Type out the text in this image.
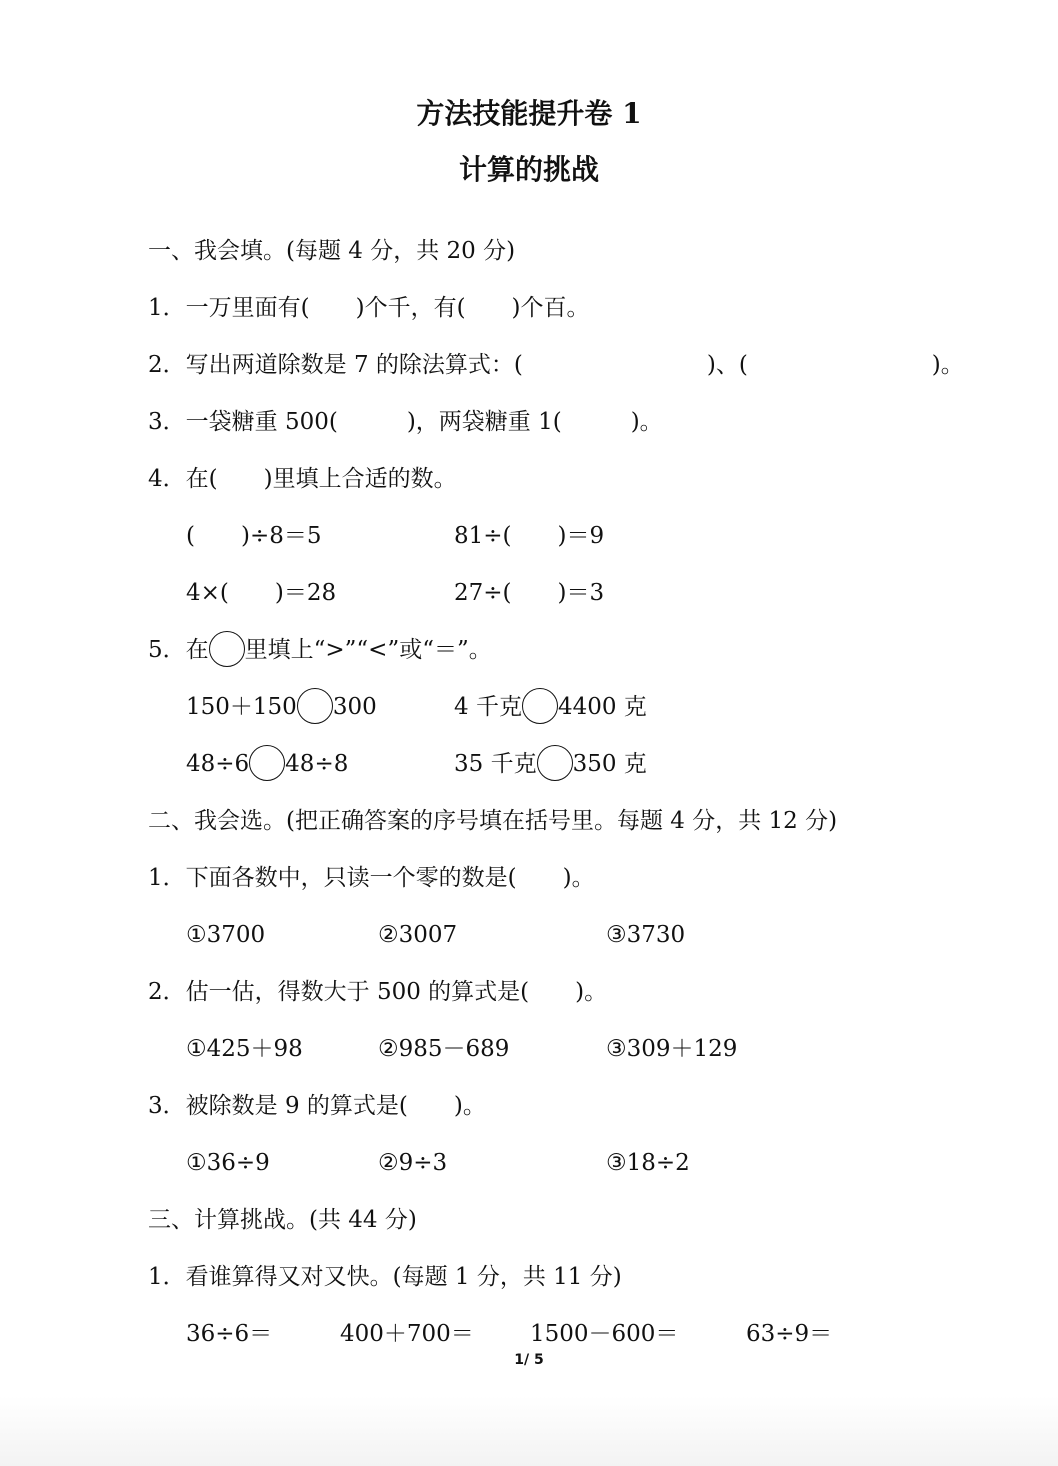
方法技能提升卷 1
计算的挑战
一、我会填。(每题 4 分，共 20 分)
1．一万里面有(　　)个千，有(　　)个百。
2．写出两道除数是 7 的除法算式：(　　　　　　　　)、(　　　　　　　　)。
3．一袋糖重 500(　　　)，两袋糖重 1(　　　)。
4．在(　　)里填上合适的数。
(　　)÷8＝5	81÷(　　)＝9
4×(　　)＝28	27÷(　　)＝3
5．在 里填上“>”“<”或“＝”。
150＋150 300	4 千克 4400 克
48÷6 48÷8	35 千克 350 克
二、我会选。(把正确答案的序号填在括号里。每题 4 分，共 12 分)
1．下面各数中，只读一个零的数是(　　)。
①3700	②3007	③3730
2．估一估，得数大于 500 的算式是(　　)。
①425＋98	②985－689	③309＋129
3．被除数是 9 的算式是(　　)。
①36÷9	②9÷3	③18÷2
三、计算挑战。(共 44 分)
1．看谁算得又对又快。(每题 1 分，共 11 分)
36÷6＝	400＋700＝ 1500－600＝	63÷9＝
1/ 5
